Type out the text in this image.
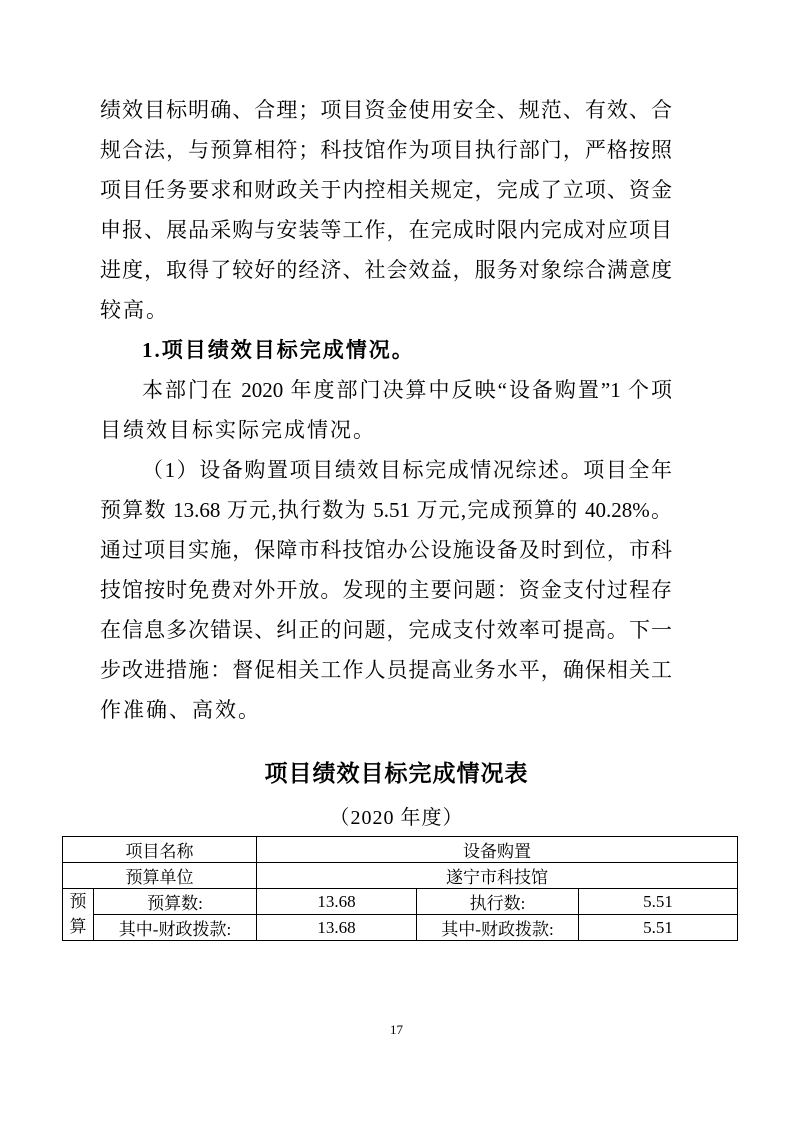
绩效目标明确、合理；项目资金使用安全、规范、有效、合
规合法，与预算相符；科技馆作为项目执行部门，严格按照
项目任务要求和财政关于内控相关规定，完成了立项、资金
申报、展品采购与安装等工作，在完成时限内完成对应项目
进度，取得了较好的经济、社会效益，服务对象综合满意度
较高。
1.项目绩效目标完成情况。
本部门在 2020 年度部门决算中反映“设备购置”1 个项
目绩效目标实际完成情况。
（1）设备购置项目绩效目标完成情况综述。项目全年
预算数 13.68 万元,执行数为 5.51 万元,完成预算的 40.28%。
通过项目实施，保障市科技馆办公设施设备及时到位，市科
技馆按时免费对外开放。发现的主要问题：资金支付过程存
在信息多次错误、纠正的问题，完成支付效率可提高。下一
步改进措施：督促相关工作人员提高业务水平，确保相关工
作准确、高效。
项目绩效目标完成情况表
（2020 年度）
项目名称		设备购置		
预算单位		遂宁市科技馆		
预算	预算数:	13.68	执行数:	5.51
	其中-财政拨款:	13.68	其中-财政拨款:	5.51
17
